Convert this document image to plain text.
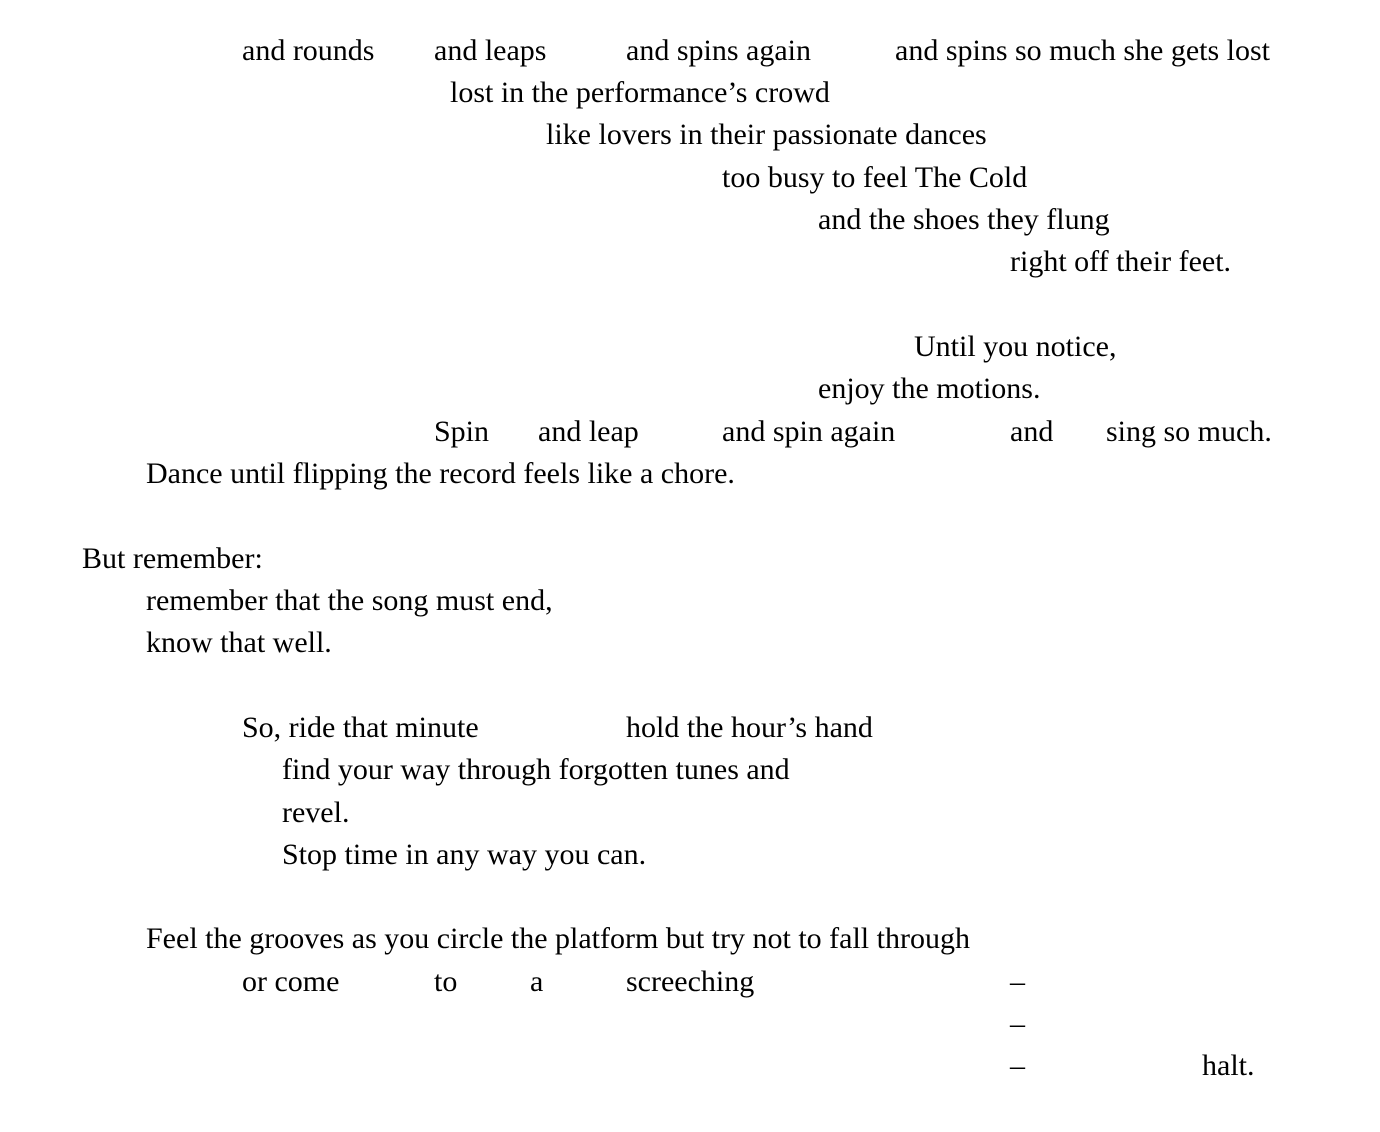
and rounds and leaps	and spins again	and spins so much she gets lost
lost in the performance’s crowd
like lovers in their passionate dances
too busy to feel The Cold
and the shoes they flung
right off their feet.
Until you notice,
enjoy the motions.
Spin and leap	and spin again	and sing so much.
Dance until flipping the record feels like a chore.
But remember:
remember that the song must end,
know that well.
So, ride that minute	hold the hour’s hand
find your way through forgotten tunes and
revel.
Stop time in any way you can.
Feel the grooves as you circle the platform but try not to fall through
or come	to a	screeching	–
–
–	halt.
